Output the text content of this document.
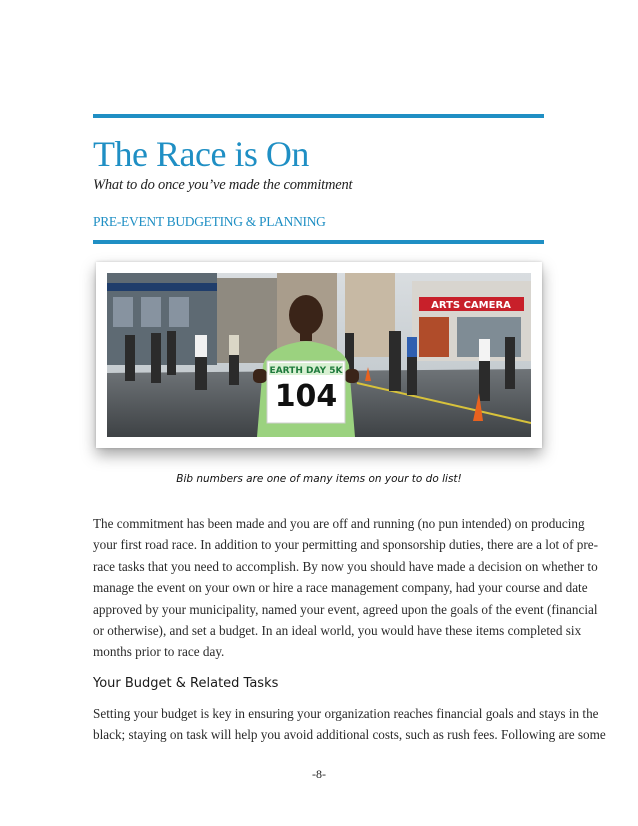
The Race is On
What to do once you’ve made the commitment
PRE-EVENT BUDGETING & PLANNING
ARTS CAMERA
EARTH DAY 5K
104
Bib numbers are one of many items on your to do list!
The commitment has been made and you are off and running (no pun intended) on producing
your first road race. In addition to your permitting and sponsorship duties, there are a lot of pre-
race tasks that you need to accomplish. By now you should have made a decision on whether to
manage the event on your own or hire a race management company, had your course and date
approved by your municipality, named your event, agreed upon the goals of the event (financial
or otherwise), and set a budget. In an ideal world, you would have these items completed six
months prior to race day.
Your Budget & Related Tasks
Setting your budget is key in ensuring your organization reaches financial goals and stays in the
black; staying on task will help you avoid additional costs, such as rush fees. Following are some
-8-
